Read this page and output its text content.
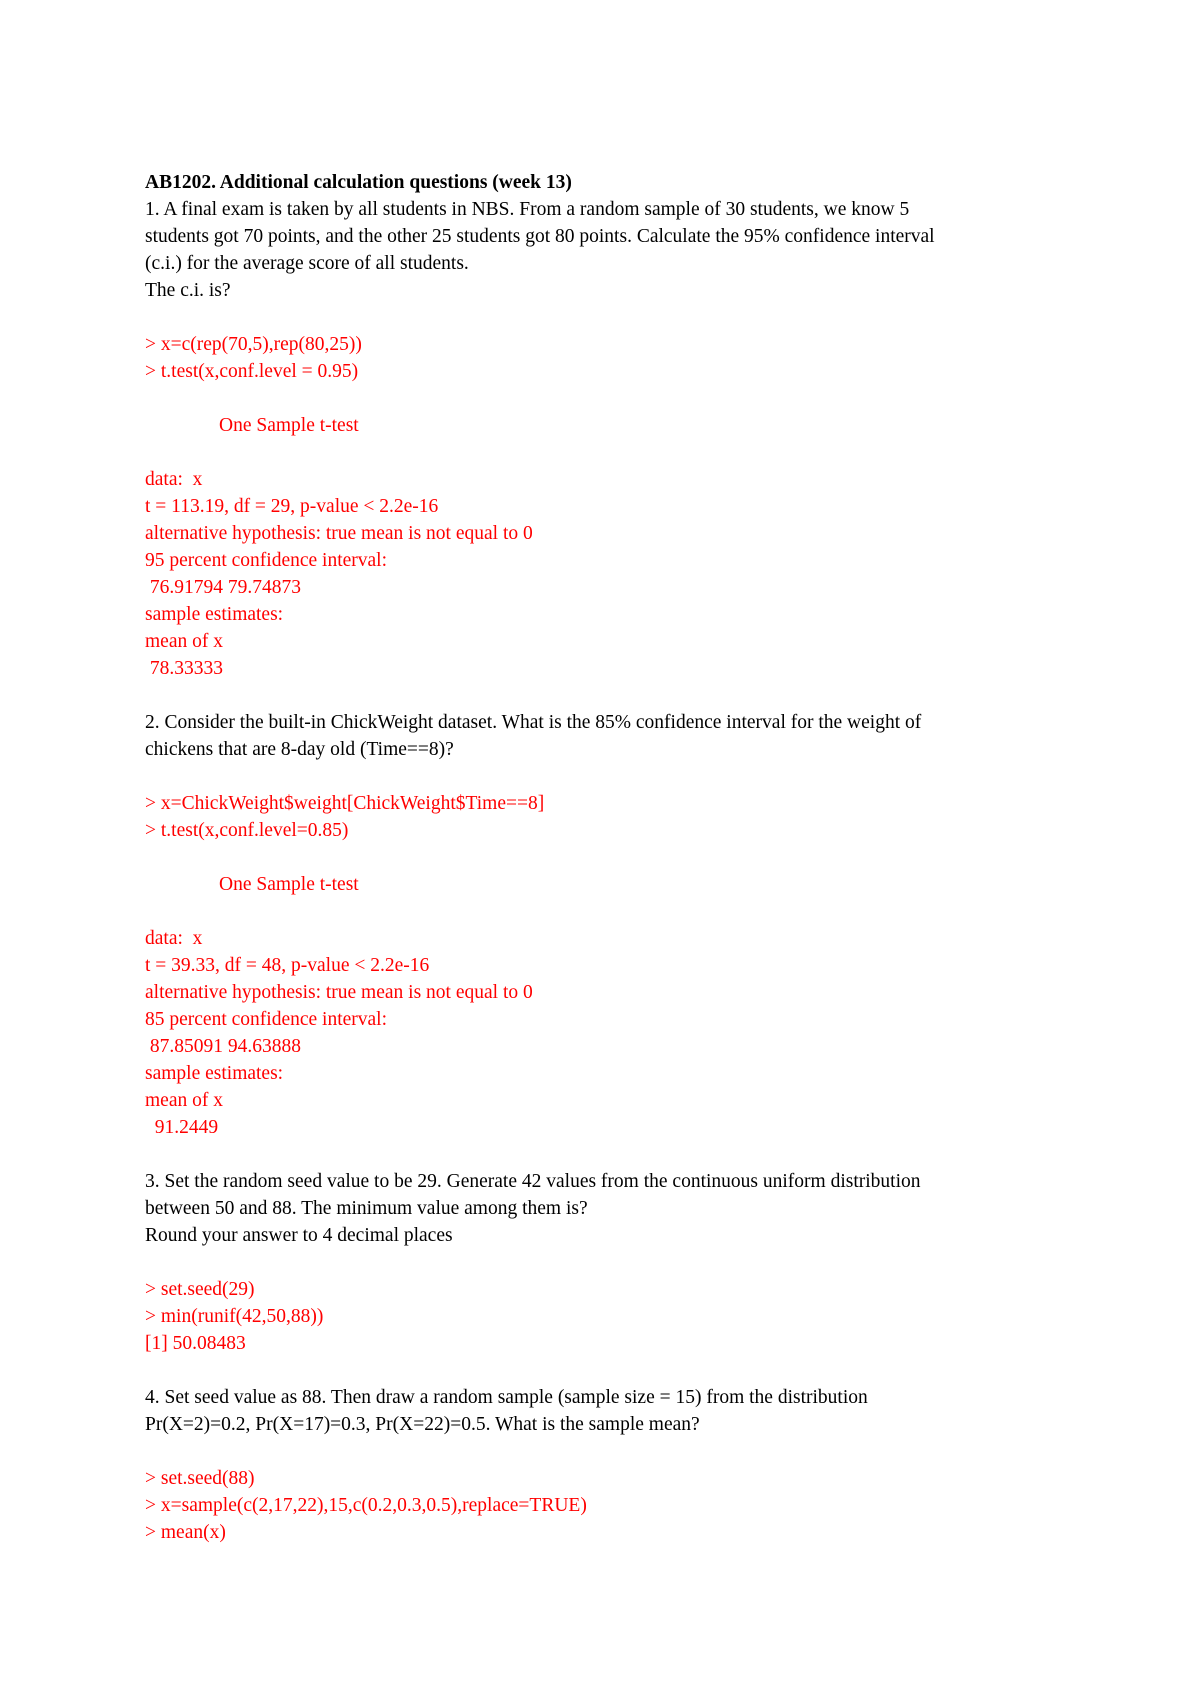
AB1202. Additional calculation questions (week 13)
1. A final exam is taken by all students in NBS. From a random sample of 30 students, we know 5
students got 70 points, and the other 25 students got 80 points. Calculate the 95% confidence interval
(c.i.) for the average score of all students.
The c.i. is?
> x=c(rep(70,5),rep(80,25))
> t.test(x,conf.level = 0.95)
One Sample t-test
data:  x
t = 113.19, df = 29, p-value < 2.2e-16
alternative hypothesis: true mean is not equal to 0
95 percent confidence interval:
76.91794 79.74873
sample estimates:
mean of x
78.33333
2. Consider the built-in ChickWeight dataset. What is the 85% confidence interval for the weight of
chickens that are 8-day old (Time==8)?
> x=ChickWeight$weight[ChickWeight$Time==8]
> t.test(x,conf.level=0.85)
One Sample t-test
data:  x
t = 39.33, df = 48, p-value < 2.2e-16
alternative hypothesis: true mean is not equal to 0
85 percent confidence interval:
87.85091 94.63888
sample estimates:
mean of x
91.2449
3. Set the random seed value to be 29. Generate 42 values from the continuous uniform distribution
between 50 and 88. The minimum value among them is?
Round your answer to 4 decimal places
> set.seed(29)
> min(runif(42,50,88))
[1] 50.08483
4. Set seed value as 88. Then draw a random sample (sample size = 15) from the distribution
Pr(X=2)=0.2, Pr(X=17)=0.3, Pr(X=22)=0.5. What is the sample mean?
> set.seed(88)
> x=sample(c(2,17,22),15,c(0.2,0.3,0.5),replace=TRUE)
> mean(x)
